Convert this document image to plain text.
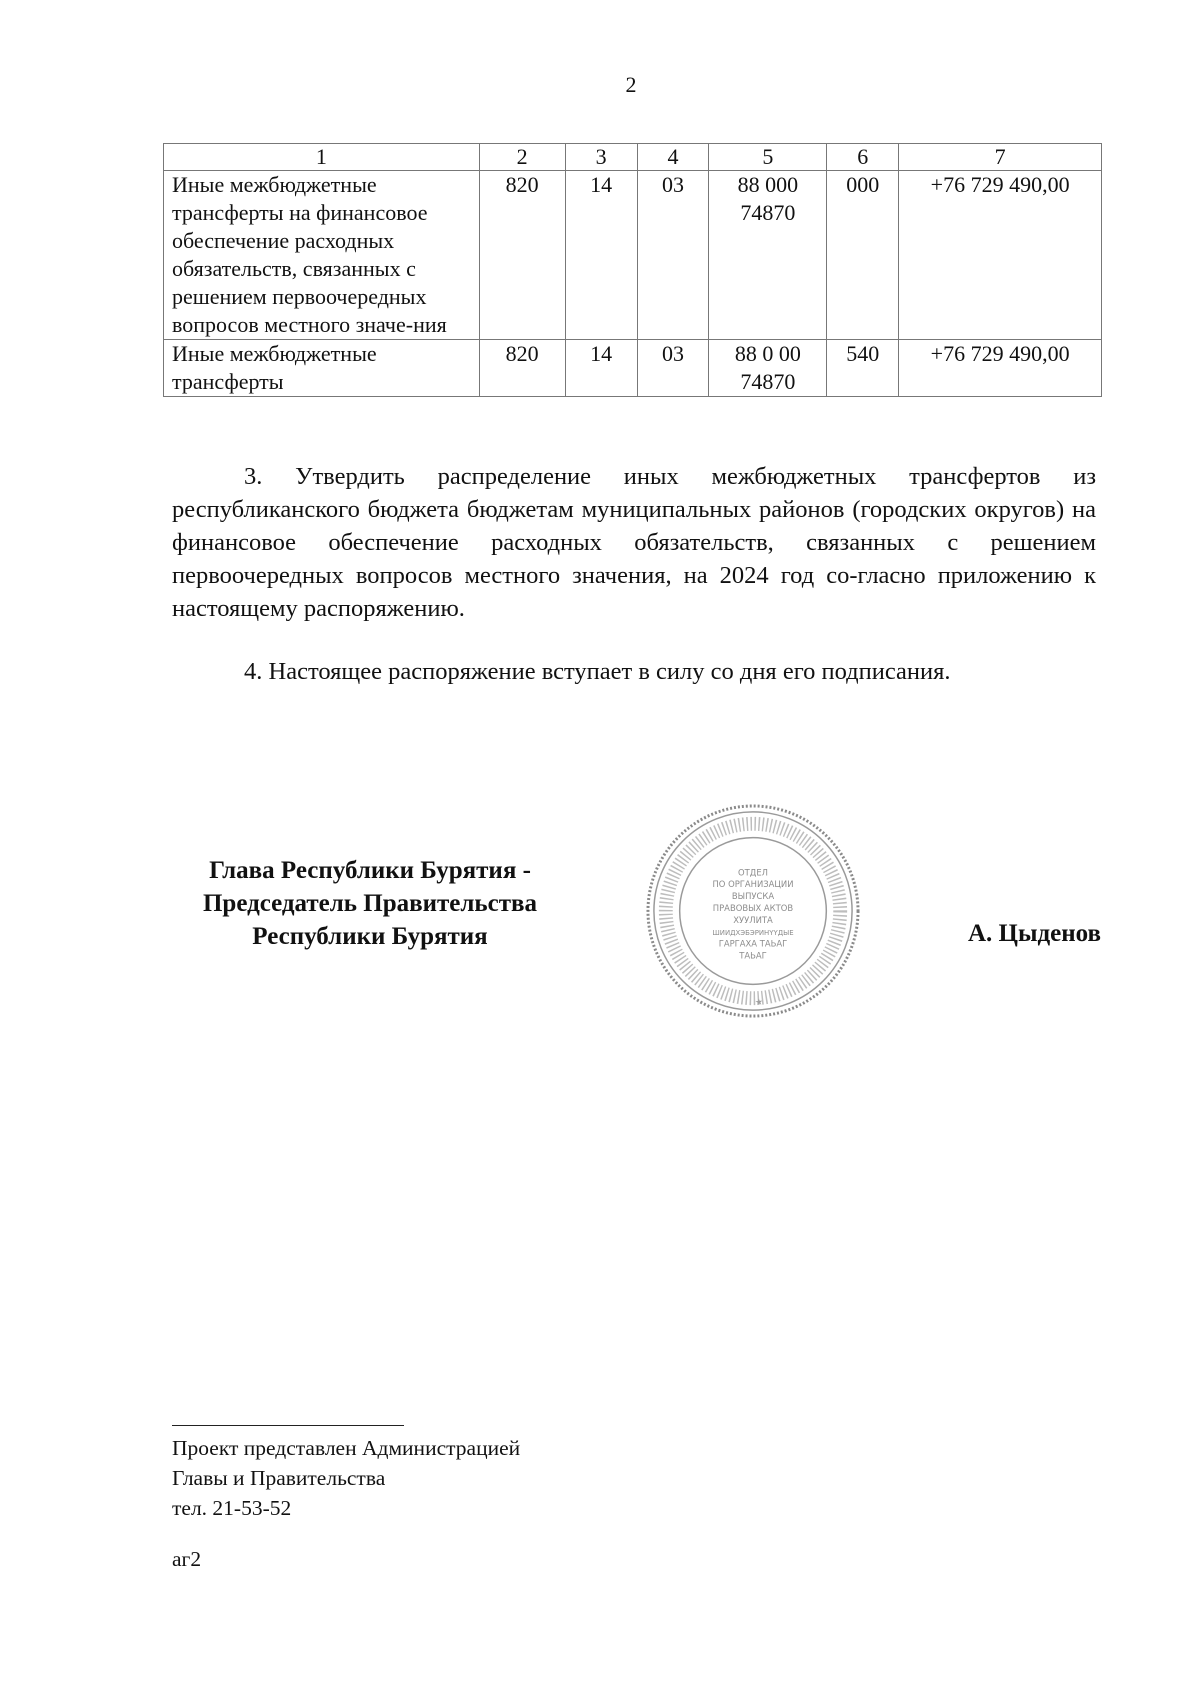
2
1	2	3	4	5	6	7
Иные межбюджетные трансферты на финансовое обеспечение расходных обязательств, связанных с решением первоочередных вопросов местного значе-ния	820	14	03	88 000 74870	000	+76 729 490,00
Иные межбюджетные трансферты	820	14	03	88 0 00 74870	540	+76 729 490,00

3. Утвердить распределение иных межбюджетных трансфертов из республиканского бюджета бюджетам муниципальных районов (городских округов) на финансовое обеспечение расходных обязательств, связанных с решением первоочередных вопросов местного значения, на 2024 год со-гласно приложению к настоящему распоряжению.

4. Настоящее распоряжение вступает в силу со дня его подписания.

Глава Республики Бурятия -
Председатель Правительства
Республики Бурятия
ОТДЕЛ
ПО ОРГАНИЗАЦИИ
ВЫПУСКА
ПРАВОВЫХ АКТОВ
ХУУЛИТА
ШИИДХЭБЭРИНҮҮДЫЕ
ГАРГАХА ТАЬАГ
ТАЬАГ
★
А. Цыденов
Проект представлен Администрацией
Главы и Правительства
тел. 21-53-52
аг2
